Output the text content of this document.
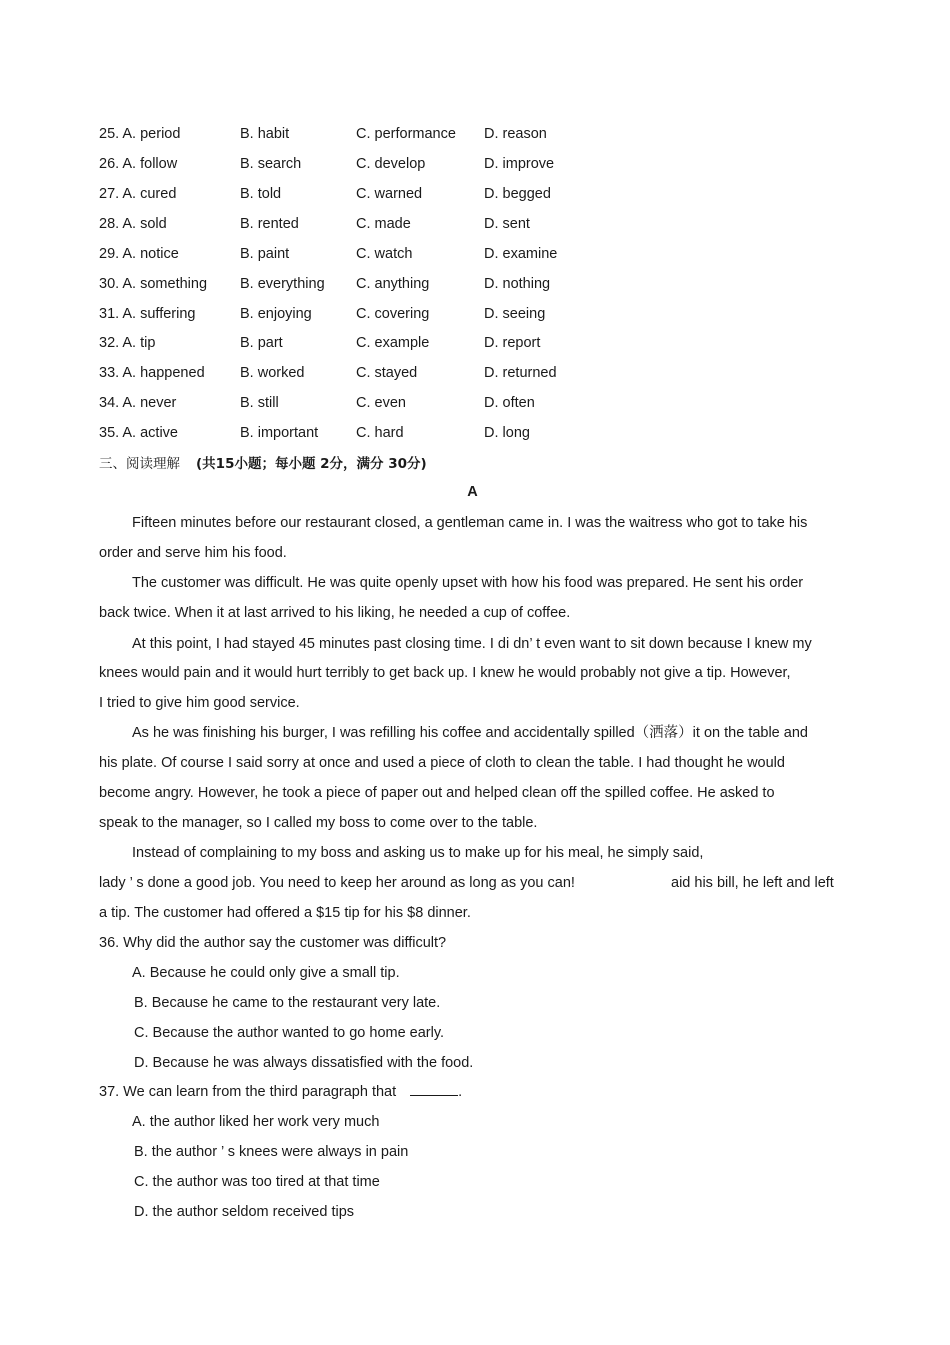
25. A. period	B. habit	C. performance D. reason
26. A. follow	B. search	C. develop	D. improve
27. A. cured	B. told	C. warned	D. begged
28. A. sold	B. rented	C. made	D. sent
29. A. notice	B. paint	C. watch	D. examine
30. A. something B. everything C. anything	D. nothing
31. A. suffering	B. enjoying	C. covering	D. seeing
32. A. tip	B. part	C. example	D. report
33. A. happened B. worked	C. stayed	D. returned
34. A. never	B. still	C. even	D. often
35. A. active	B. important	C. hard	D. long
三、阅读理解 (共15小题；每小题 2分，满分 30分)
A
Fifteen minutes before our restaurant closed, a gentleman came in. I was the waitress who got to take his
order and serve him his food.
The customer was difficult. He was quite openly upset with how his food was prepared. He sent his order
back twice. When it at last arrived to his liking, he needed a cup of coffee.
At this point, I had stayed 45 minutes past closing time. I di dn’ t even want to sit down because I knew my
knees would pain and it would hurt terribly to get back up. I knew he would probably not give a tip. However,
I tried to give him good service.
As he was finishing his burger, I was refilling his coffee and accidentally spilled（洒落）it on the table and
his plate. Of course I said sorry at once and used a piece of cloth to clean the table. I had thought he would
become angry. However, he took a piece of paper out and helped clean off the spilled coffee. He asked to
speak to the manager, so I called my boss to come over to the table.
Instead of complaining to my boss and asking us to make up for his meal, he simply said,
lady ’ s done a good job. You need to keep her around as long as you can!	aid his bill, he left and left
a tip. The customer had offered a $15 tip for his $8 dinner.
36. Why did the author say the customer was difficult?
A. Because he could only give a small tip.
B. Because he came to the restaurant very late.
C. Because the author wanted to go home early.
D. Because he was always dissatisfied with the food.
37. We can learn from the third paragraph that	.
A. the author liked her work very much
B. the author ’ s knees were always in pain
C. the author was too tired at that time
D. the author seldom received tips
